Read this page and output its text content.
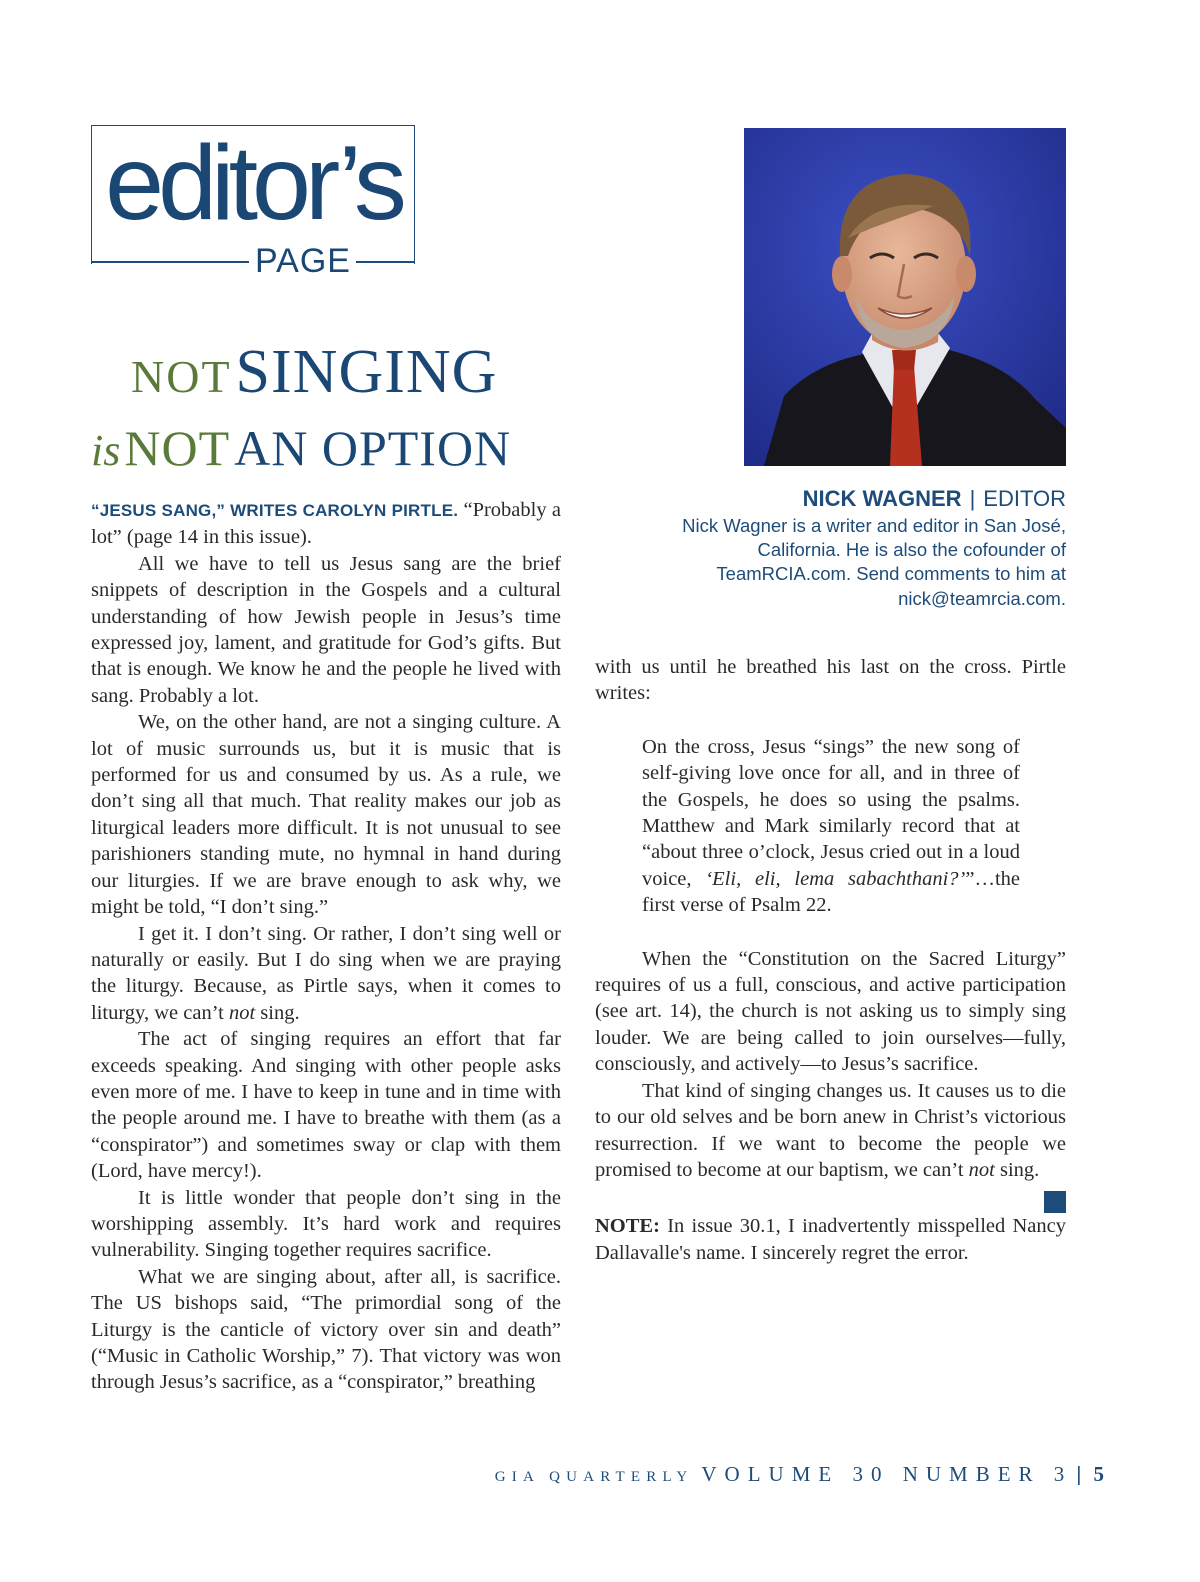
editor’s
PAGE
NOT SINGING
is NOT AN OPTION
NICK WAGNER | EDITOR
Nick Wagner is a writer and editor in San José,
California. He is also the cofounder of
TeamRCIA.com. Send comments to him at
nick@teamrcia.com.

“JESUS SANG,” WRITES CAROLYN PIRTLE. “Probably a lot” (page 14 in this issue).

All we have to tell us Jesus sang are the brief snippets of description in the Gospels and a cultural understanding of how Jewish people in Jesus’s time expressed joy, lament, and gratitude for God’s gifts. But that is enough. We know he and the people he lived with sang. Probably a lot.

We, on the other hand, are not a singing culture. A lot of music surrounds us, but it is music that is performed for us and consumed by us. As a rule, we don’t sing all that much. That reality makes our job as liturgical leaders more difficult. It is not unusual to see parishioners standing mute, no hymnal in hand during our liturgies. If we are brave enough to ask why, we might be told, “I don’t sing.”

I get it. I don’t sing. Or rather, I don’t sing well or naturally or easily. But I do sing when we are praying the liturgy. Because, as Pirtle says, when it comes to liturgy, we can’t not sing.

The act of singing requires an effort that far exceeds speaking. And singing with other people asks even more of me. I have to keep in tune and in time with the people around me. I have to breathe with them (as a “conspirator”) and sometimes sway or clap with them (Lord, have mercy!).

It is little wonder that people don’t sing in the worshipping assembly. It’s hard work and requires vulnerability. Singing together requires sacrifice.

What we are singing about, after all, is sacrifice. The US bishops said, “The primordial song of the Liturgy is the canticle of victory over sin and death” (“Music in Catholic Worship,” 7). That victory was won through Jesus’s sacrifice, as a “conspirator,” breathing

with us until he breathed his last on the cross. Pirtle writes:

On the cross, Jesus “sings” the new song of self-giving love once for all, and in three of the Gospels, he does so using the psalms. Matthew and Mark similarly record that at “about three o’clock, Jesus cried out in a loud voice, ‘Eli, eli, lema sabachthani?’”…the first verse of Psalm 22.

When the “Constitution on the Sacred Liturgy” requires of us a full, conscious, and active participation (see art. 14), the church is not asking us to simply sing louder. We are being called to join ourselves—fully, consciously, and actively—to Jesus’s sacrifice.

That kind of singing changes us. It causes us to die to our old selves and be born anew in Christ’s victorious resurrection. If we want to become the people we promised to become at our baptism, we can’t not sing.

NOTE: In issue 30.1, I inadvertently misspelled Nancy Dallavalle's name. I sincerely regret the error.

GIA QUARTERLY VOLUME 30 NUMBER 3 | 5
